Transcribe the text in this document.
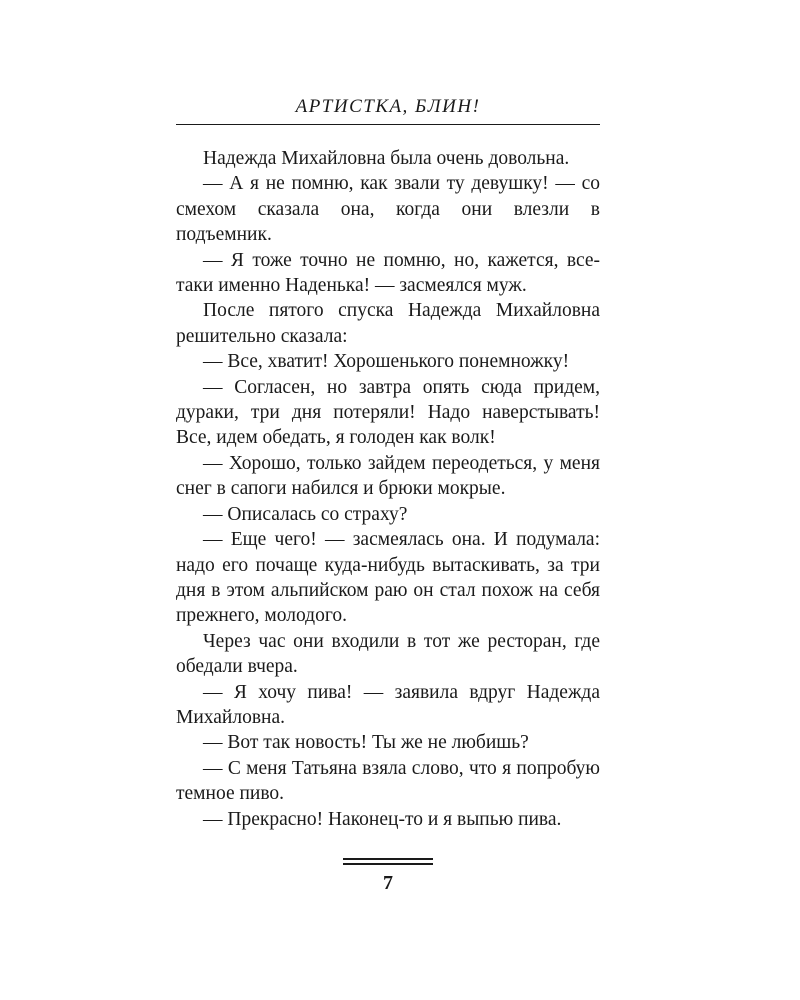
АРТИСТКА, БЛИН!

Надежда Михайловна была очень довольна.

— А я не помню, как звали ту девушку! — со смехом сказала она, когда они влезли в подъемник.

— Я тоже точно не помню, но, кажется, все-таки именно Наденька! — засмеялся муж.

После пятого спуска Надежда Михайловна решительно сказала:

— Все, хватит! Хорошенького понемножку!

— Согласен, но завтра опять сюда придем, дураки, три дня потеряли! Надо наверстывать! Все, идем обедать, я голоден как волк!

— Хорошо, только зайдем переодеться, у меня снег в сапоги набился и брюки мокрые.

— Описалась со страху?

— Еще чего! — засмеялась она. И подумала: надо его почаще куда-нибудь вытаскивать, за три дня в этом альпийском раю он стал похож на себя прежнего, молодого.

Через час они входили в тот же ресторан, где обедали вчера.

— Я хочу пива! — заявила вдруг Надежда Михайловна.

— Вот так новость! Ты же не любишь?

— С меня Татьяна взяла слово, что я попробую темное пиво.

— Прекрасно! Наконец-то и я выпью пива.

7
